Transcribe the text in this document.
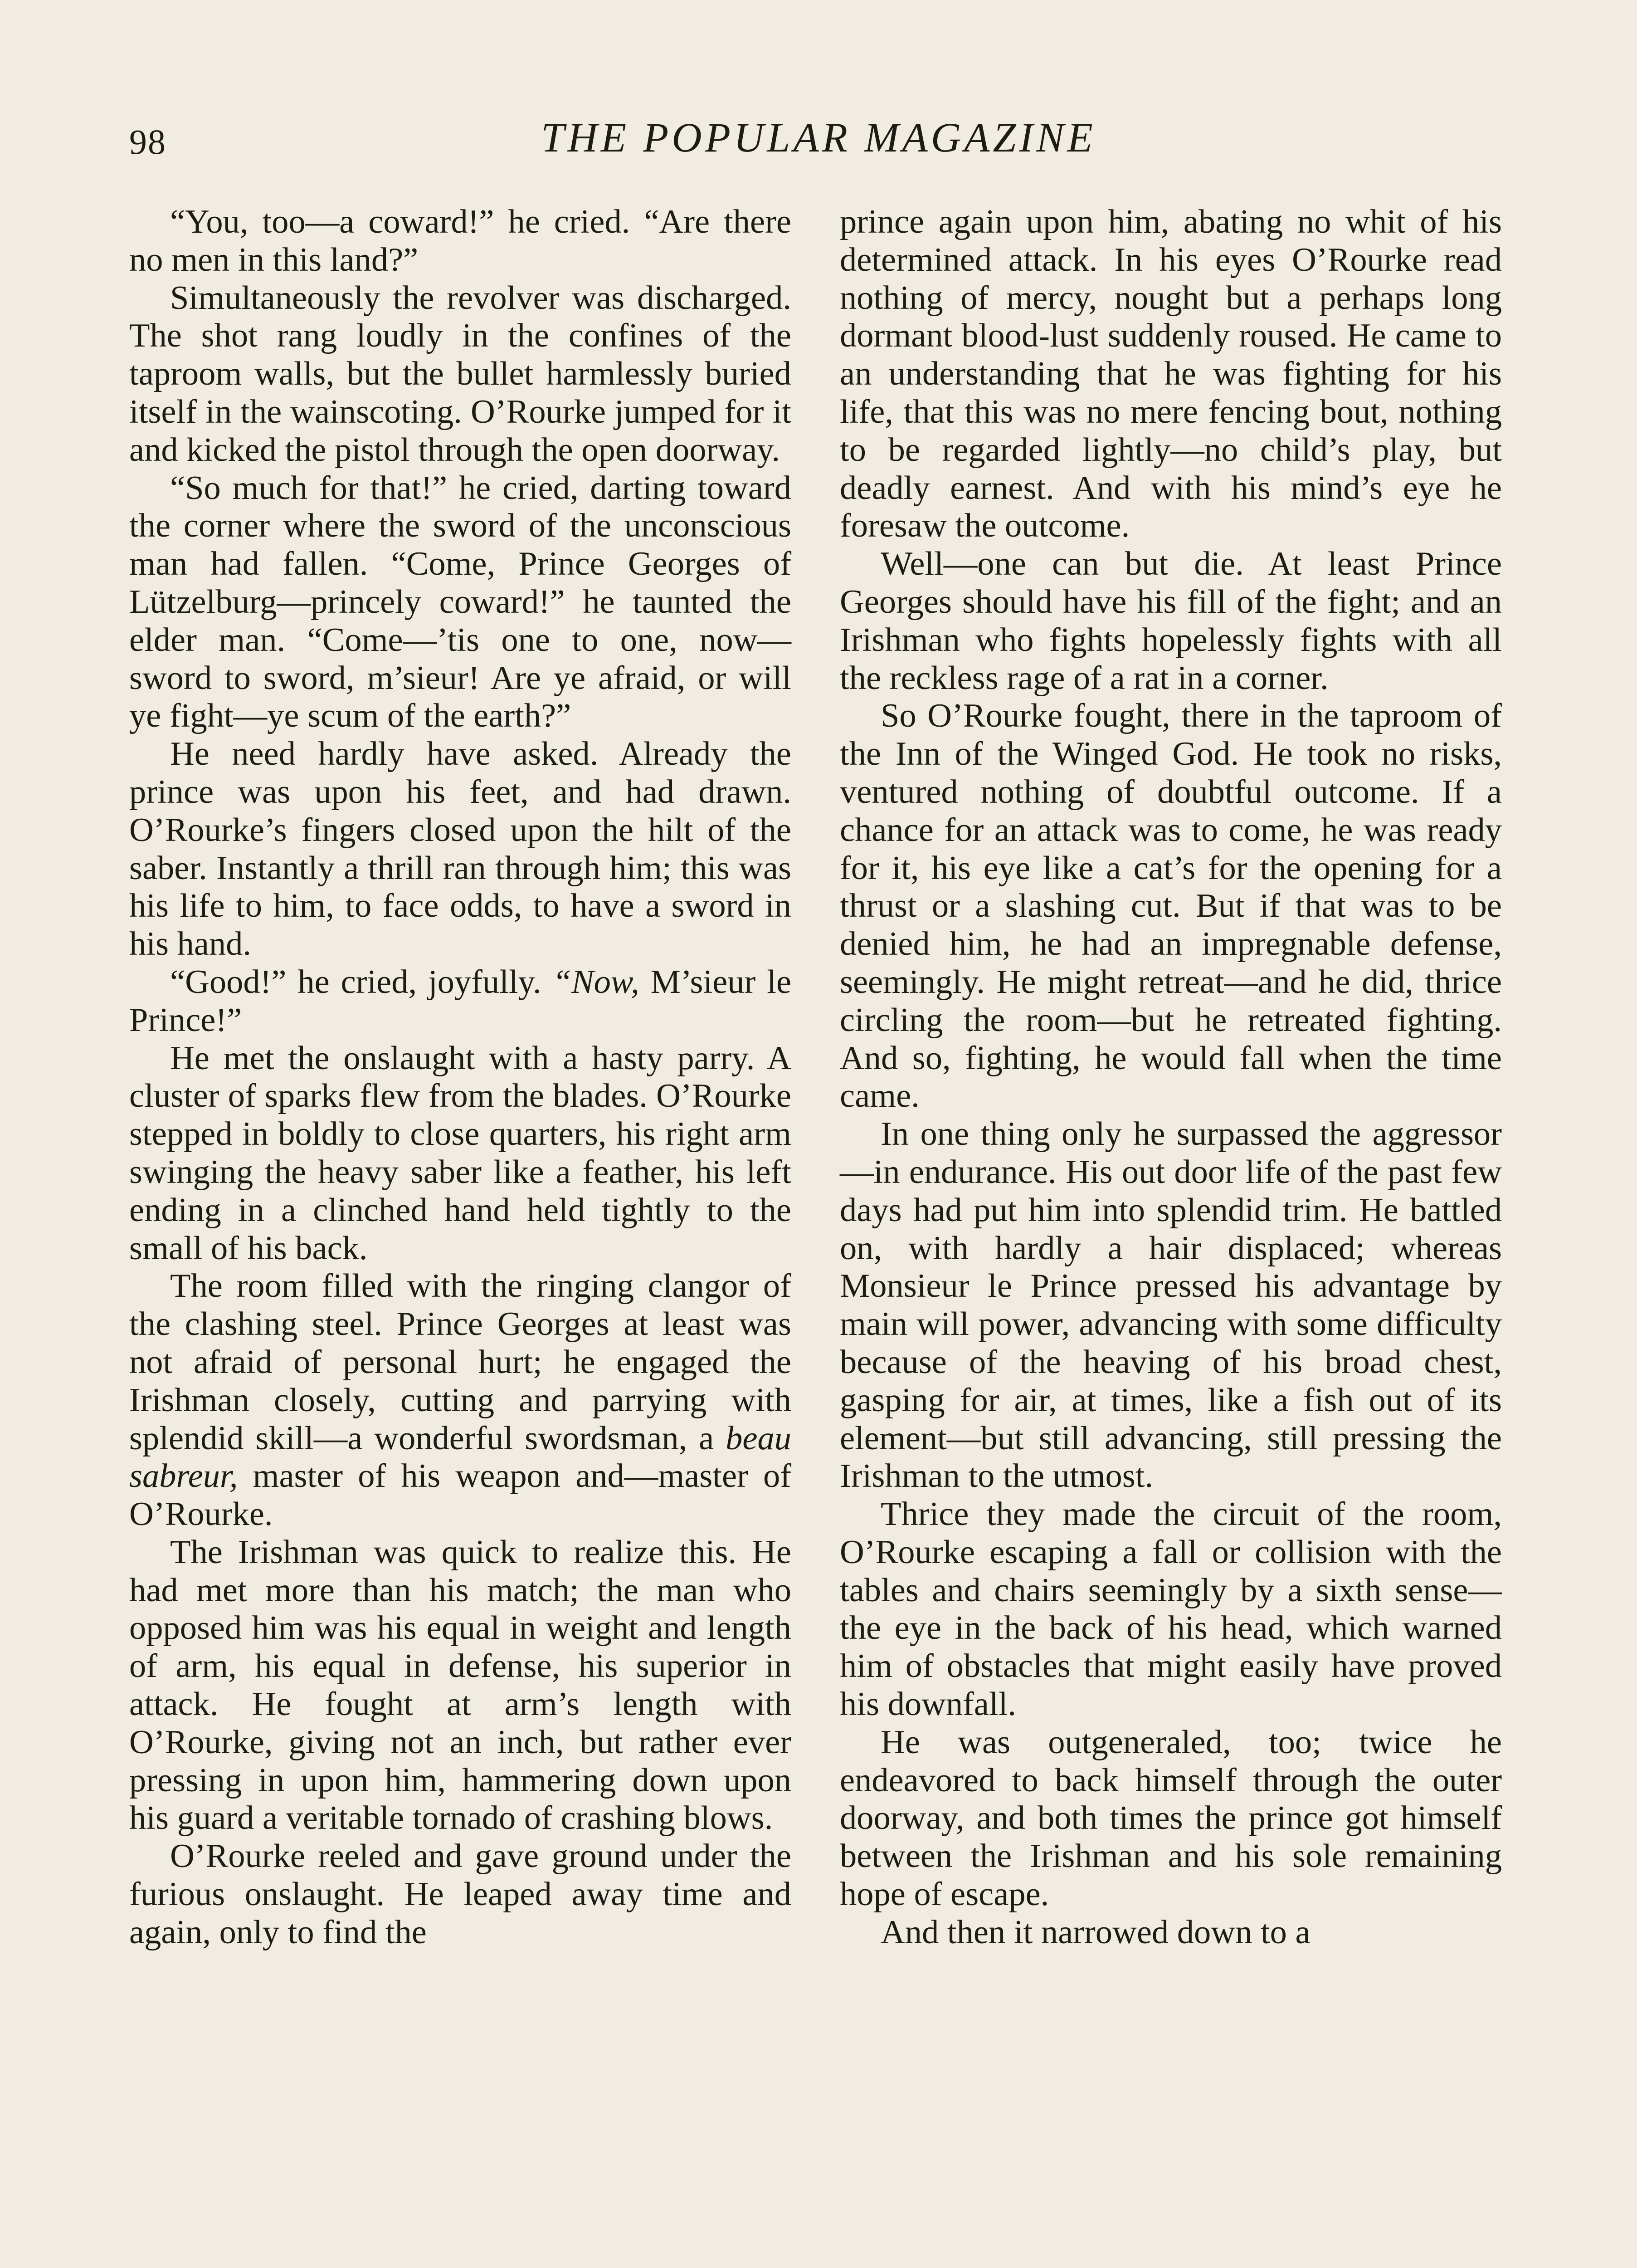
98	THE POPULAR MAGAZINE

“You, too—a coward!” he cried. “Are there no men in this land?”

Simultaneously the revolver was discharged. The shot rang loudly in the confines of the taproom walls, but the bullet harmlessly buried itself in the wainscoting. O’Rourke jumped for it and kicked the pistol through the open doorway.

“So much for that!” he cried, darting toward the corner where the sword of the unconscious man had fallen. “Come, Prince Georges of Lützelburg—princely coward!” he taunted the elder man. “Come—’tis one to one, now—sword to sword, m’sieur! Are ye afraid, or will ye fight—ye scum of the earth?”

He need hardly have asked. Already the prince was upon his feet, and had drawn. O’Rourke’s fingers closed upon the hilt of the saber. Instantly a thrill ran through him; this was his life to him, to face odds, to have a sword in his hand.

“Good!” he cried, joyfully. “Now, M’sieur le Prince!”

He met the onslaught with a hasty parry. A cluster of sparks flew from the blades. O’Rourke stepped in boldly to close quarters, his right arm swinging the heavy saber like a feather, his left ending in a clinched hand held tightly to the small of his back.

The room filled with the ringing clangor of the clashing steel. Prince Georges at least was not afraid of personal hurt; he engaged the Irishman closely, cutting and parrying with splendid skill—a wonderful swordsman, a beau sabreur, master of his weapon and—master of O’Rourke.

The Irishman was quick to realize this. He had met more than his match; the man who opposed him was his equal in weight and length of arm, his equal in defense, his superior in attack. He fought at arm’s length with O’Rourke, giving not an inch, but rather ever pressing in upon him, hammering down upon his guard a veritable tornado of crashing blows.

O’Rourke reeled and gave ground under the furious onslaught. He leaped away time and again, only to find the

prince again upon him, abating no whit of his determined attack. In his eyes O’Rourke read nothing of mercy, nought but a perhaps long dormant blood-lust suddenly roused. He came to an understanding that he was fighting for his life, that this was no mere fencing bout, nothing to be regarded lightly—no child’s play, but deadly earnest. And with his mind’s eye he foresaw the outcome.

Well—one can but die. At least Prince Georges should have his fill of the fight; and an Irishman who fights hopelessly fights with all the reckless rage of a rat in a corner.

So O’Rourke fought, there in the taproom of the Inn of the Winged God. He took no risks, ventured nothing of doubtful outcome. If a chance for an attack was to come, he was ready for it, his eye like a cat’s for the opening for a thrust or a slashing cut. But if that was to be denied him, he had an impregnable defense, seemingly. He might retreat—and he did, thrice circling the room—but he retreated fighting. And so, fighting, he would fall when the time came.

In one thing only he surpassed the aggressor—in endurance. His out door life of the past few days had put him into splendid trim. He battled on, with hardly a hair displaced; whereas Monsieur le Prince pressed his advantage by main will power, advancing with some difficulty because of the heaving of his broad chest, gasping for air, at times, like a fish out of its element—but still advancing, still pressing the Irishman to the utmost.

Thrice they made the circuit of the room, O’Rourke escaping a fall or collision with the tables and chairs seemingly by a sixth sense—the eye in the back of his head, which warned him of obstacles that might easily have proved his downfall.

He was outgeneraled, too; twice he endeavored to back himself through the outer doorway, and both times the prince got himself between the Irishman and his sole remaining hope of escape.

And then it narrowed down to a
